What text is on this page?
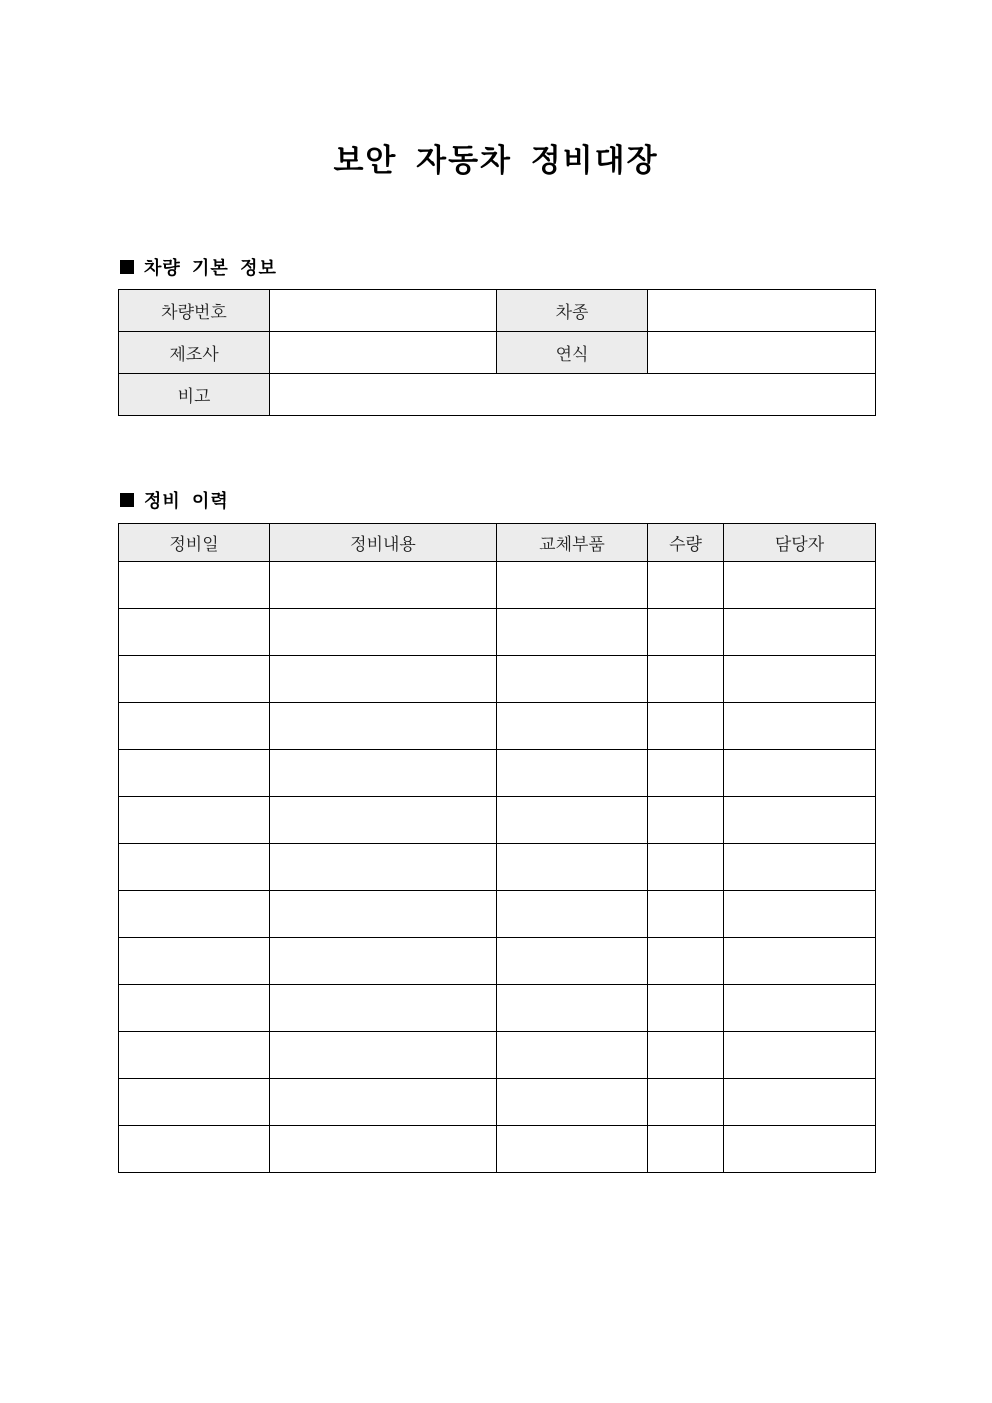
보안 자동차 정비대장
차량 기본 정보
차량번호		차종	
제조사		연식	
비고			
정비 이력
정비일	정비내용	교체부품	수량	담당자
